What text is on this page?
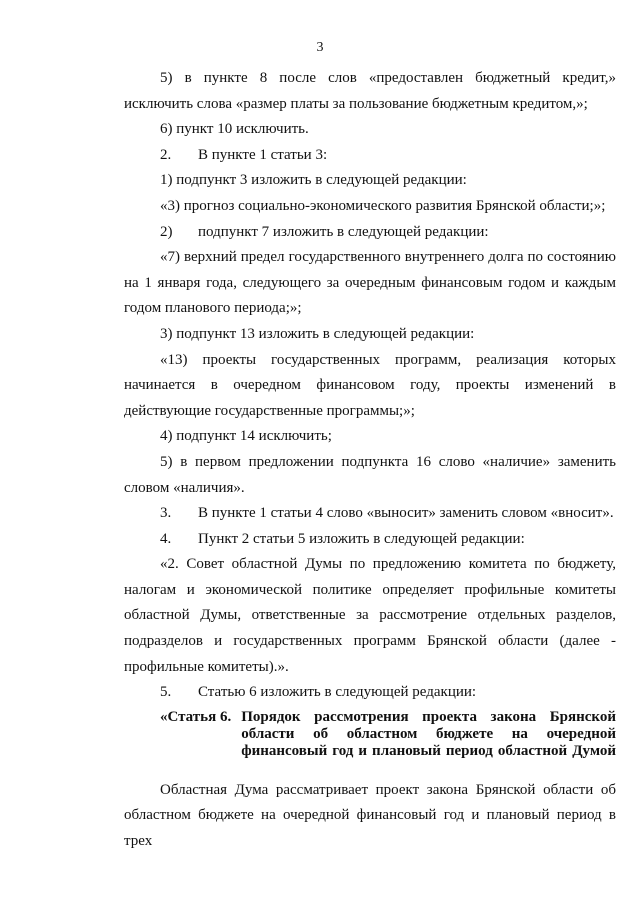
3

5) в пункте 8 после слов «предоставлен бюджетный кредит,» исключить слова «размер платы за пользование бюджетным кредитом,»;

6) пункт 10 исключить.

2. В пункте 1 статьи 3:

1) подпункт 3 изложить в следующей редакции:

«3) прогноз социально-экономического развития Брянской области;»;

2) подпункт 7 изложить в следующей редакции:

«7) верхний предел государственного внутреннего долга по состоянию на 1 января года, следующего за очередным финансовым годом и каждым годом планового периода;»;

3) подпункт 13 изложить в следующей редакции:

«13) проекты государственных программ, реализация которых начинается в очередном финансовом году, проекты изменений в действующие государственные программы;»;

4) подпункт 14 исключить;

5) в первом предложении подпункта 16 слово «наличие» заменить словом «наличия».

3. В пункте 1 статьи 4 слово «выносит» заменить словом «вносит».

4. Пункт 2 статьи 5 изложить в следующей редакции:

«2. Совет областной Думы по предложению комитета по бюджету, налогам и экономической политике определяет профильные комитеты областной Думы, ответственные за рассмотрение отдельных разделов, подразделов и государственных программ Брянской области (далее - профильные комитеты).».

5. Статью 6 изложить в следующей редакции:

«Статья 6. Порядок рассмотрения проекта закона Брянской
области об областном бюджете на очередной
финансовый год и плановый период областной Думой

Областная Дума рассматривает проект закона Брянской области об областном бюджете на очередной финансовый год и плановый период в трех
